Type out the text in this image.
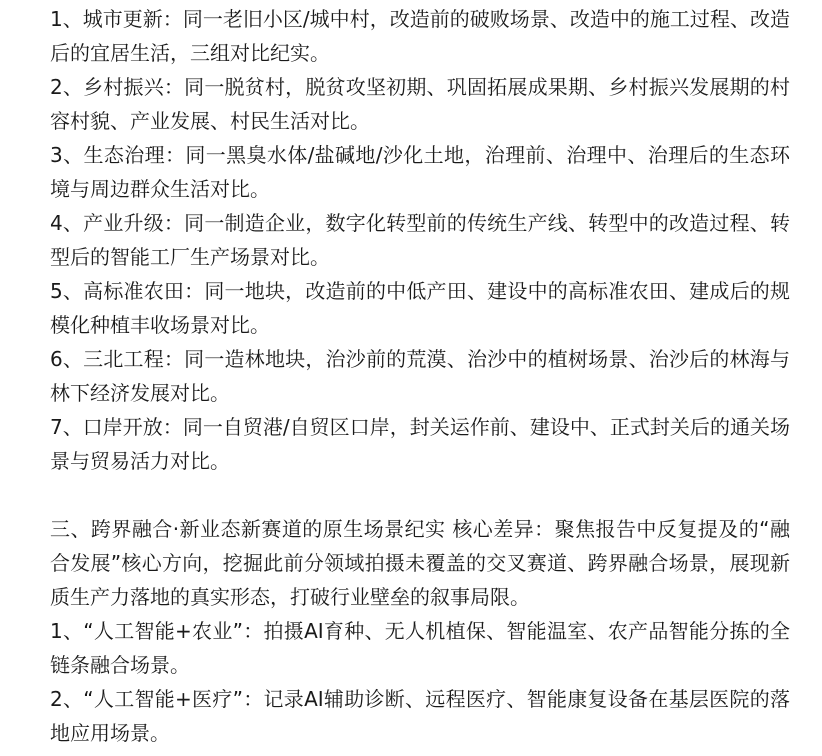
1、城市更新：同一老旧小区/城中村，改造前的破败场景、改造中的施工过程、改造后的宜居生活，三组对比纪实。

2、乡村振兴：同一脱贫村，脱贫攻坚初期、巩固拓展成果期、乡村振兴发展期的村容村貌、产业发展、村民生活对比。

3、生态治理：同一黑臭水体/盐碱地/沙化土地，治理前、治理中、治理后的生态环境与周边群众生活对比。

4、产业升级：同一制造企业，数字化转型前的传统生产线、转型中的改造过程、转型后的智能工厂生产场景对比。

5、高标准农田：同一地块，改造前的中低产田、建设中的高标准农田、建成后的规模化种植丰收场景对比。

6、三北工程：同一造林地块，治沙前的荒漠、治沙中的植树场景、治沙后的林海与林下经济发展对比。

7、口岸开放：同一自贸港/自贸区口岸，封关运作前、建设中、正式封关后的通关场景与贸易活力对比。

三、跨界融合·新业态新赛道的原生场景纪实 核心差异：聚焦报告中反复提及的“融合发展”核心方向，挖掘此前分领域拍摄未覆盖的交叉赛道、跨界融合场景，展现新质生产力落地的真实形态，打破行业壁垒的叙事局限。

1、“人工智能+农业”：拍摄AI育种、无人机植保、智能温室、农产品智能分拣的全链条融合场景。

2、“人工智能+医疗”：记录AI辅助诊断、远程医疗、智能康复设备在基层医院的落地应用场景。
